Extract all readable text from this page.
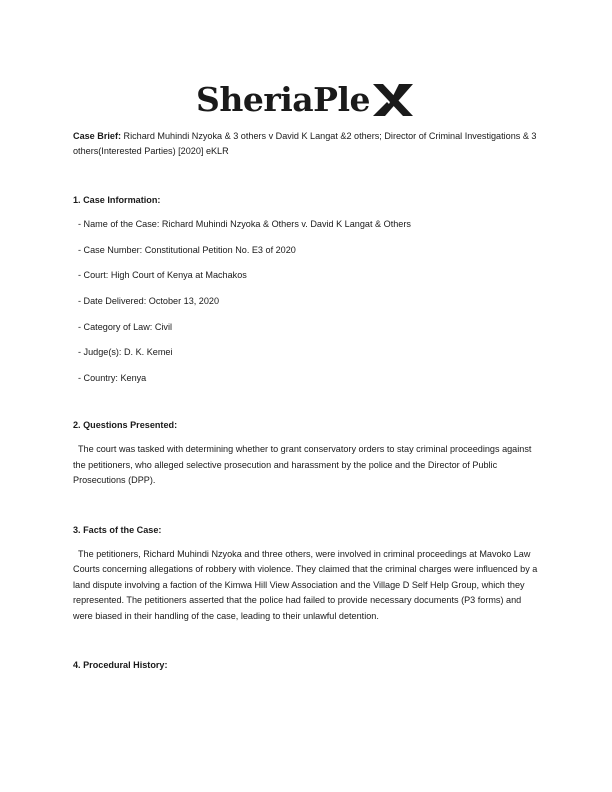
SheriaPle

Case Brief: Richard Muhindi Nzyoka & 3 others v David K Langat &2 others; Director of Criminal Investigations & 3 others(Interested Parties) [2020] eKLR

1. Case Information:
- Name of the Case: Richard Muhindi Nzyoka & Others v. David K Langat & Others
- Case Number: Constitutional Petition No. E3 of 2020
- Court: High Court of Kenya at Machakos
- Date Delivered: October 13, 2020
- Category of Law: Civil
- Judge(s): D. K. Kemei
- Country: Kenya
2. Questions Presented:

The court was tasked with determining whether to grant conservatory orders to stay criminal proceedings against the petitioners, who alleged selective prosecution and harassment by the police and the Director of Public Prosecutions (DPP).

3. Facts of the Case:

The petitioners, Richard Muhindi Nzyoka and three others, were involved in criminal proceedings at Mavoko Law Courts concerning allegations of robbery with violence. They claimed that the criminal charges were influenced by a land dispute involving a faction of the Kimwa Hill View Association and the Village D Self Help Group, which they represented. The petitioners asserted that the police had failed to provide necessary documents (P3 forms) and were biased in their handling of the case, leading to their unlawful detention.

4. Procedural History:
